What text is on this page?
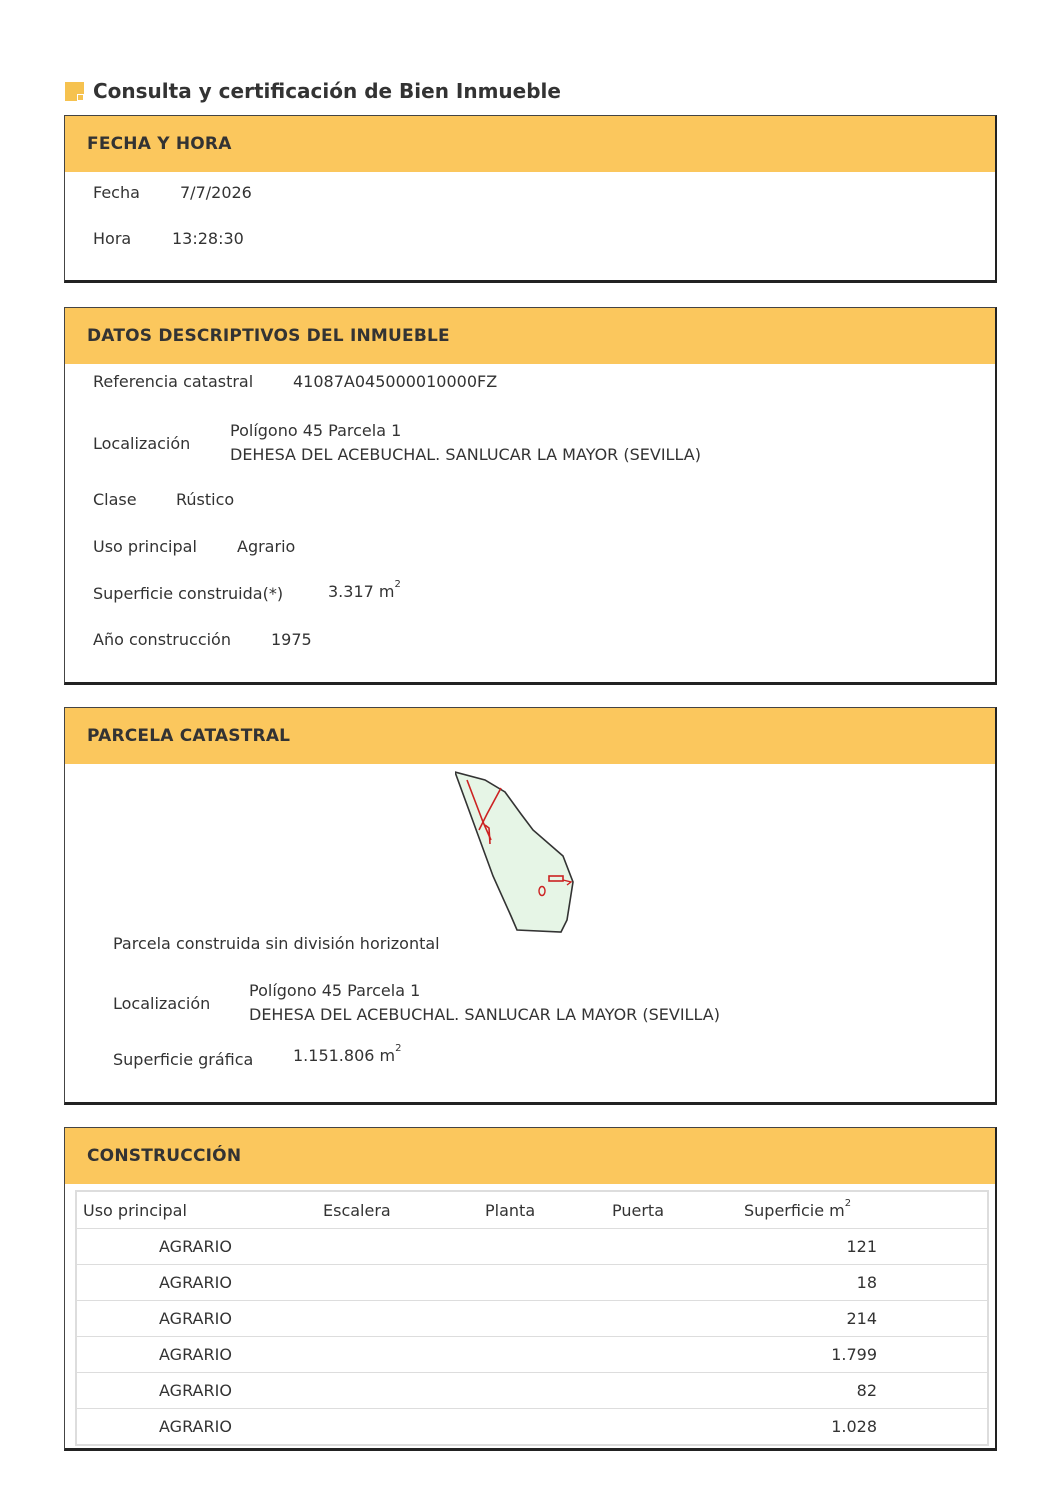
Consulta y certificación de Bien Inmueble
FECHA Y HORA
Fecha	7/7/2026
Hora	13:28:30
DATOS DESCRIPTIVOS DEL INMUEBLE
Referencia catastral	41087A045000010000FZ
Localización
Polígono 45 Parcela 1
DEHESA DEL ACEBUCHAL. SANLUCAR LA MAYOR (SEVILLA)
Clase	Rústico
Uso principal	Agrario
Superficie construida(*)	3.317 $m^2$
Año construcción	1975
PARCELA CATASTRAL
Parcela construida sin división horizontal
Localización
Polígono 45 Parcela 1
DEHESA DEL ACEBUCHAL. SANLUCAR LA MAYOR (SEVILLA)
Superficie gráfica	1.151.806 $m^2$
CONSTRUCCIÓN
Uso principal	Escalera	Planta	Puerta	Superficie $m^2$
AGRARIO				121
AGRARIO				18
AGRARIO				214
AGRARIO				1.799
AGRARIO				82
AGRARIO				1.028
